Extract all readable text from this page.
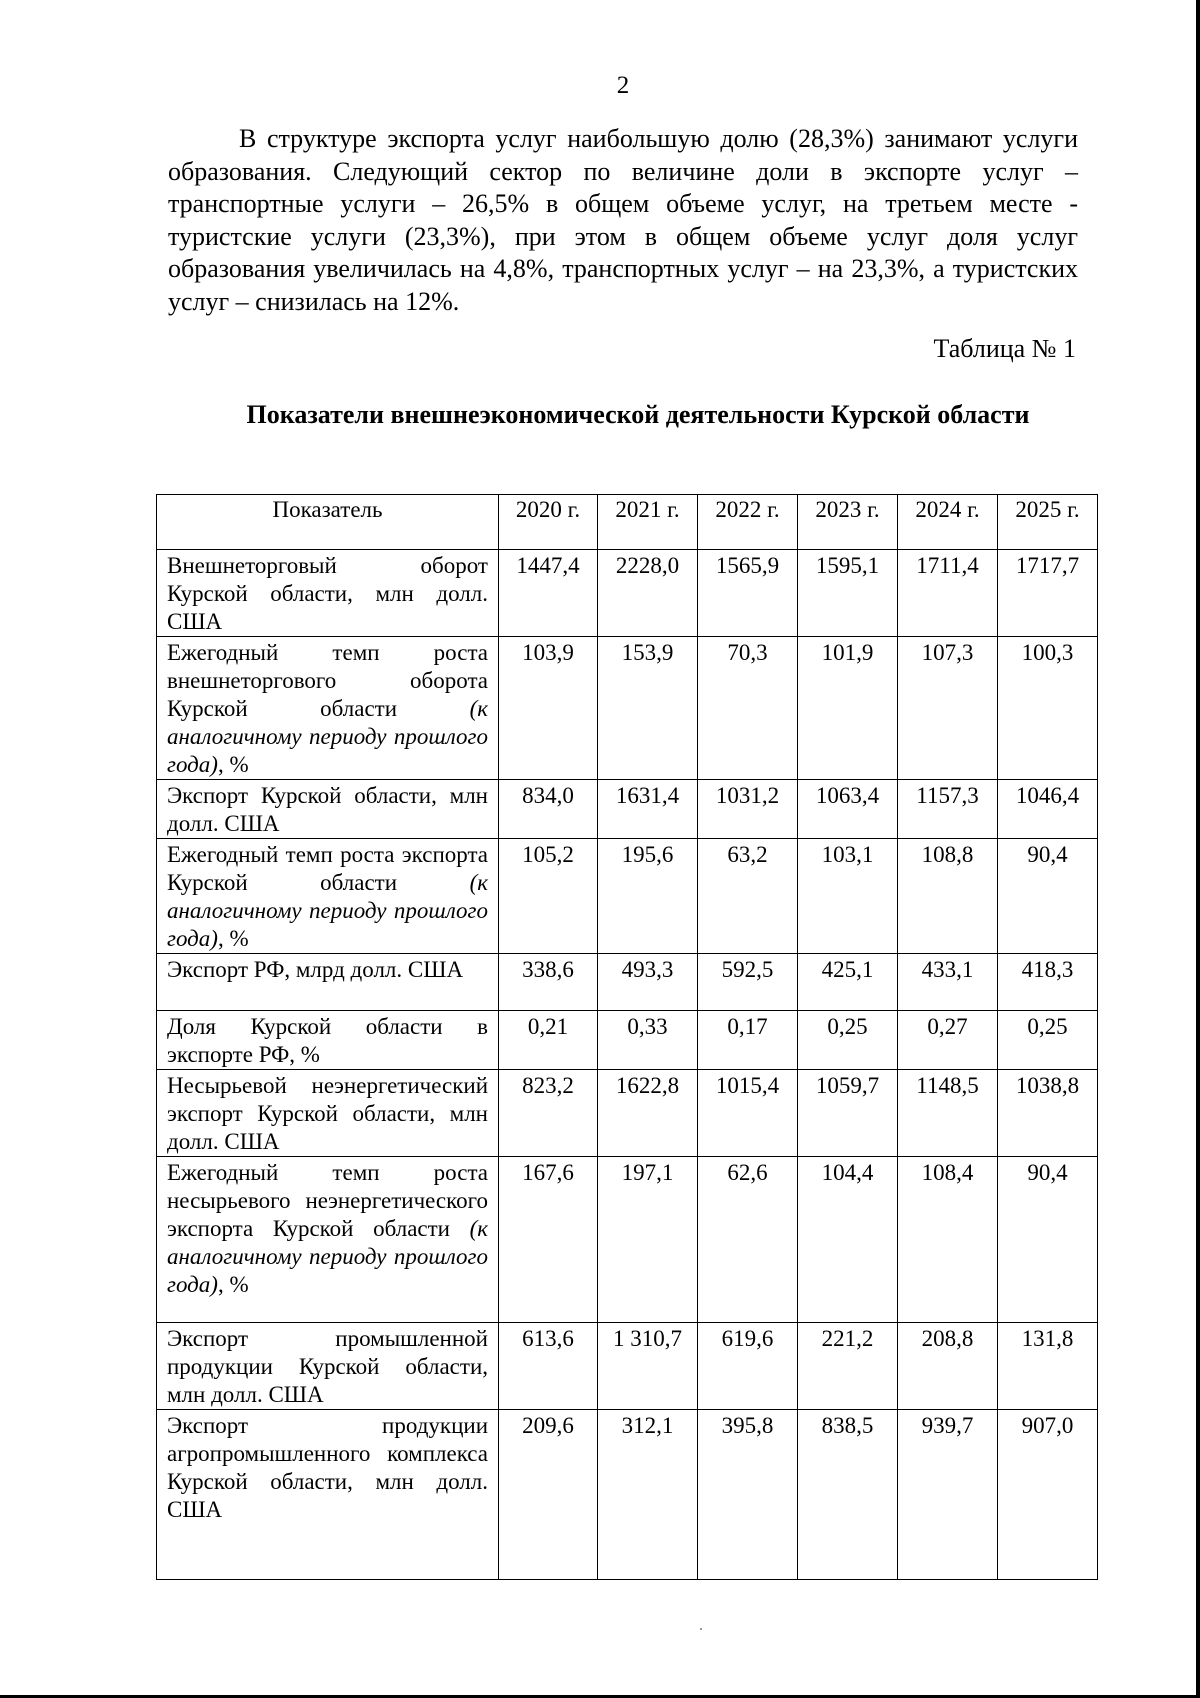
2

В структуре экспорта услуг наибольшую долю (28,3%) занимают услуги образования. Следующий сектор по величине доли в экспорте услуг – транспортные услуги – 26,5% в общем объеме услуг, на третьем месте - туристские услуги (23,3%), при этом в общем объеме услуг доля услуг образования увеличилась на 4,8%, транспортных услуг – на 23,3%, а туристских услуг – снизилась на 12%.

Таблица № 1
Показатели внешнеэкономической деятельности Курской области
Показатель	2020 г.	2021 г.	2022 г.	2023 г.	2024 г.	2025 г.
Внешнеторговый оборот Курской области, млн долл. США	1447,4	2228,0	1565,9	1595,1	1711,4	1717,7
Ежегодный темп роста внешнеторгового оборота Курской области (к аналогичному периоду прошлого года), %	103,9	153,9	70,3	101,9	107,3	100,3
Экспорт Курской области, млн долл. США	834,0	1631,4	1031,2	1063,4	1157,3	1046,4
Ежегодный темп роста экспорта Курской области (к аналогичному периоду прошлого года), %	105,2	195,6	63,2	103,1	108,8	90,4
Экспорт РФ, млрд долл. США	338,6	493,3	592,5	425,1	433,1	418,3
Доля Курской области в экспорте РФ, %	0,21	0,33	0,17	0,25	0,27	0,25
Несырьевой неэнергетический экспорт Курской области, млн долл. США	823,2	1622,8	1015,4	1059,7	1148,5	1038,8
Ежегодный темп роста несырьевого неэнергетического экспорта Курской области (к аналогичному периоду прошлого года), %	167,6	197,1	62,6	104,4	108,4	90,4
Экспорт промышленной продукции Курской области, млн долл. США	613,6	1 310,7	619,6	221,2	208,8	131,8
Экспорт продукции агропромышленного комплекса Курской области, млн долл. США	209,6	312,1	395,8	838,5	939,7	907,0
